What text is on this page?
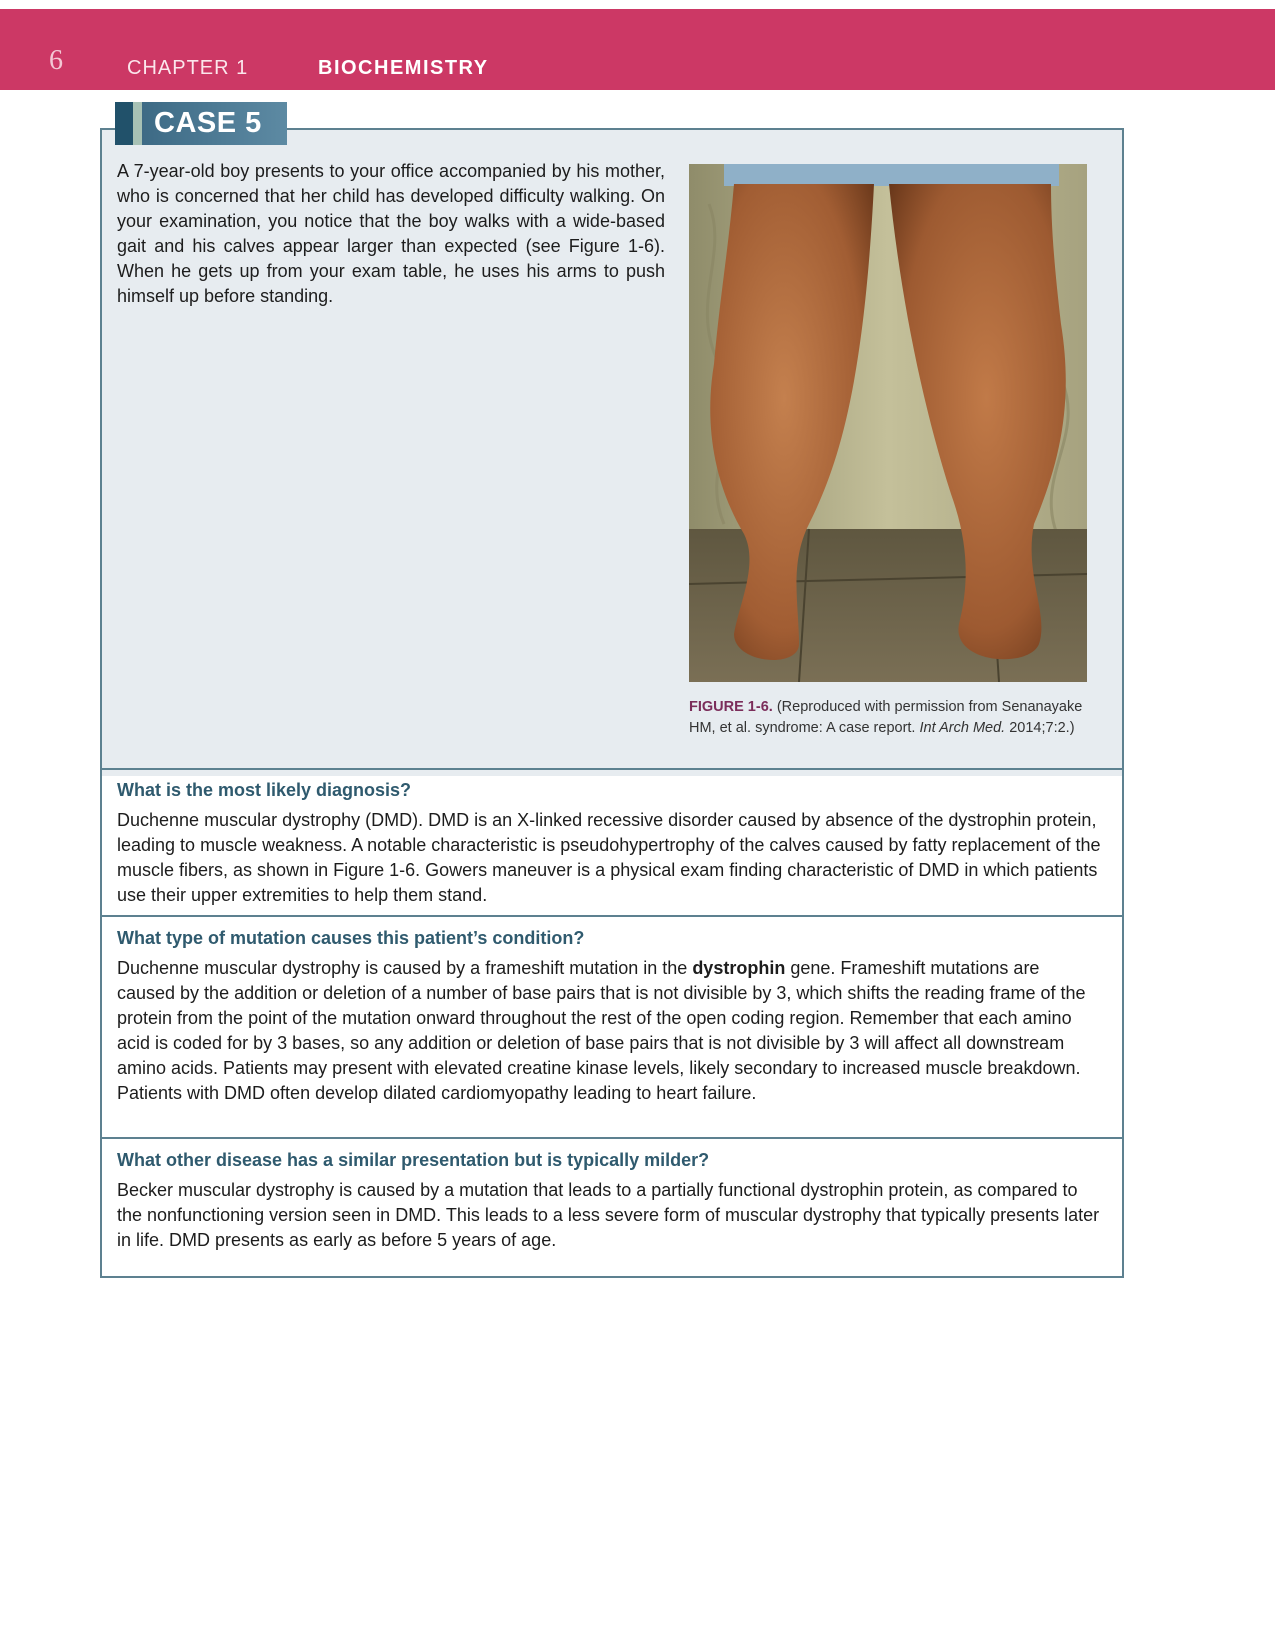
6	CHAPTER 1	BIOCHEMISTRY
CASE 5

A 7-year-old boy presents to your office accompanied by his mother, who is concerned that her child has developed difficulty walking. On your examination, you notice that the boy walks with a wide-based gait and his calves appear larger than expected (see Figure 1-6). When he gets up from your exam table, he uses his arms to push himself up before standing.

FIGURE 1-6. (Reproduced with permission from Senanayake HM, et al. syndrome: A case report. Int Arch Med. 2014;7:2.)

What is the most likely diagnosis?

Duchenne muscular dystrophy (DMD). DMD is an X-linked recessive disorder caused by absence of the dystrophin protein, leading to muscle weakness. A notable characteristic is pseudohypertrophy of the calves caused by fatty replacement of the muscle fibers, as shown in Figure 1-6. Gowers maneuver is a physical exam finding characteristic of DMD in which patients use their upper extremities to help them stand.

What type of mutation causes this patient’s condition?

Duchenne muscular dystrophy is caused by a frameshift mutation in the dystrophin gene. Frameshift mutations are caused by the addition or deletion of a number of base pairs that is not divisible by 3, which shifts the reading frame of the protein from the point of the mutation onward throughout the rest of the open coding region. Remember that each amino acid is coded for by 3 bases, so any addition or deletion of base pairs that is not divisible by 3 will affect all downstream amino acids. Patients may present with elevated creatine kinase levels, likely secondary to increased muscle breakdown. Patients with DMD often develop dilated cardiomyopathy leading to heart failure.

What other disease has a similar presentation but is typically milder?

Becker muscular dystrophy is caused by a mutation that leads to a partially functional dystrophin protein, as compared to the nonfunctioning version seen in DMD. This leads to a less severe form of muscular dystrophy that typically presents later in life. DMD presents as early as before 5 years of age.
